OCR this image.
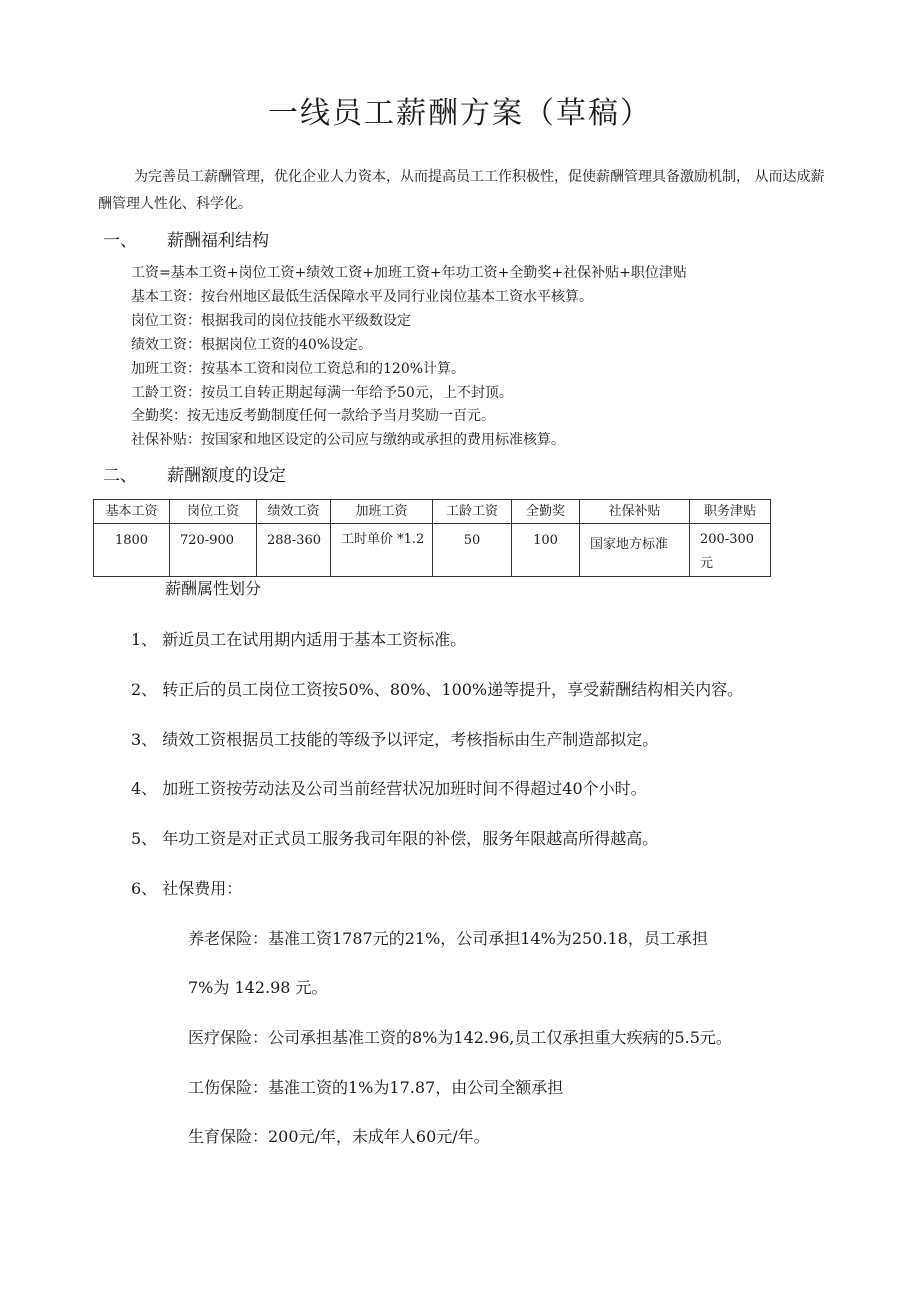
一线员工薪酬方案（草稿）
为完善员工薪酬管理，优化企业人力资本，从而提高员工工作积极性，促使薪酬管理具备激励机制， 从而达成薪酬管理人性化、科学化。
一、 薪酬福利结构
工资=基本工资+岗位工资+绩效工资+加班工资+年功工资+全勤奖+社保补贴+职位津贴
基本工资：按台州地区最低生活保障水平及同行业岗位基本工资水平核算。
岗位工资：根据我司的岗位技能水平级数设定
绩效工资：根据岗位工资的40%设定。
加班工资：按基本工资和岗位工资总和的120%计算。
工龄工资：按员工自转正期起每满一年给予50元，上不封顶。
全勤奖：按无违反考勤制度任何一款给予当月奖励一百元。
社保补贴：按国家和地区设定的公司应与缴纳或承担的费用标准核算。
二、 薪酬额度的设定
基本工资	岗位工资	绩效工资	加班工资	工龄工资	全勤奖	社保补贴	职务津贴

1800	720-900	288-360	工时单价 *1.2	50	100	国家地方标准	200-300 元
薪酬属性划分
1、 新近员工在试用期内适用于基本工资标准。
2、 转正后的员工岗位工资按50%、80%、100%递等提升，享受薪酬结构相关内容。
3、 绩效工资根据员工技能的等级予以评定，考核指标由生产制造部拟定。
4、 加班工资按劳动法及公司当前经营状况加班时间不得超过40个小时。
5、 年功工资是对正式员工服务我司年限的补偿，服务年限越高所得越高。
6、 社保费用：
养老保险：基准工资1787元的21%，公司承担14%为250.18，员工承担
7%为 142.98 元。
医疗保险：公司承担基准工资的8%为142.96,员工仅承担重大疾病的5.5元。
工伤保险：基准工资的1%为17.87，由公司全额承担
生育保险：200元/年，未成年人60元/年。
